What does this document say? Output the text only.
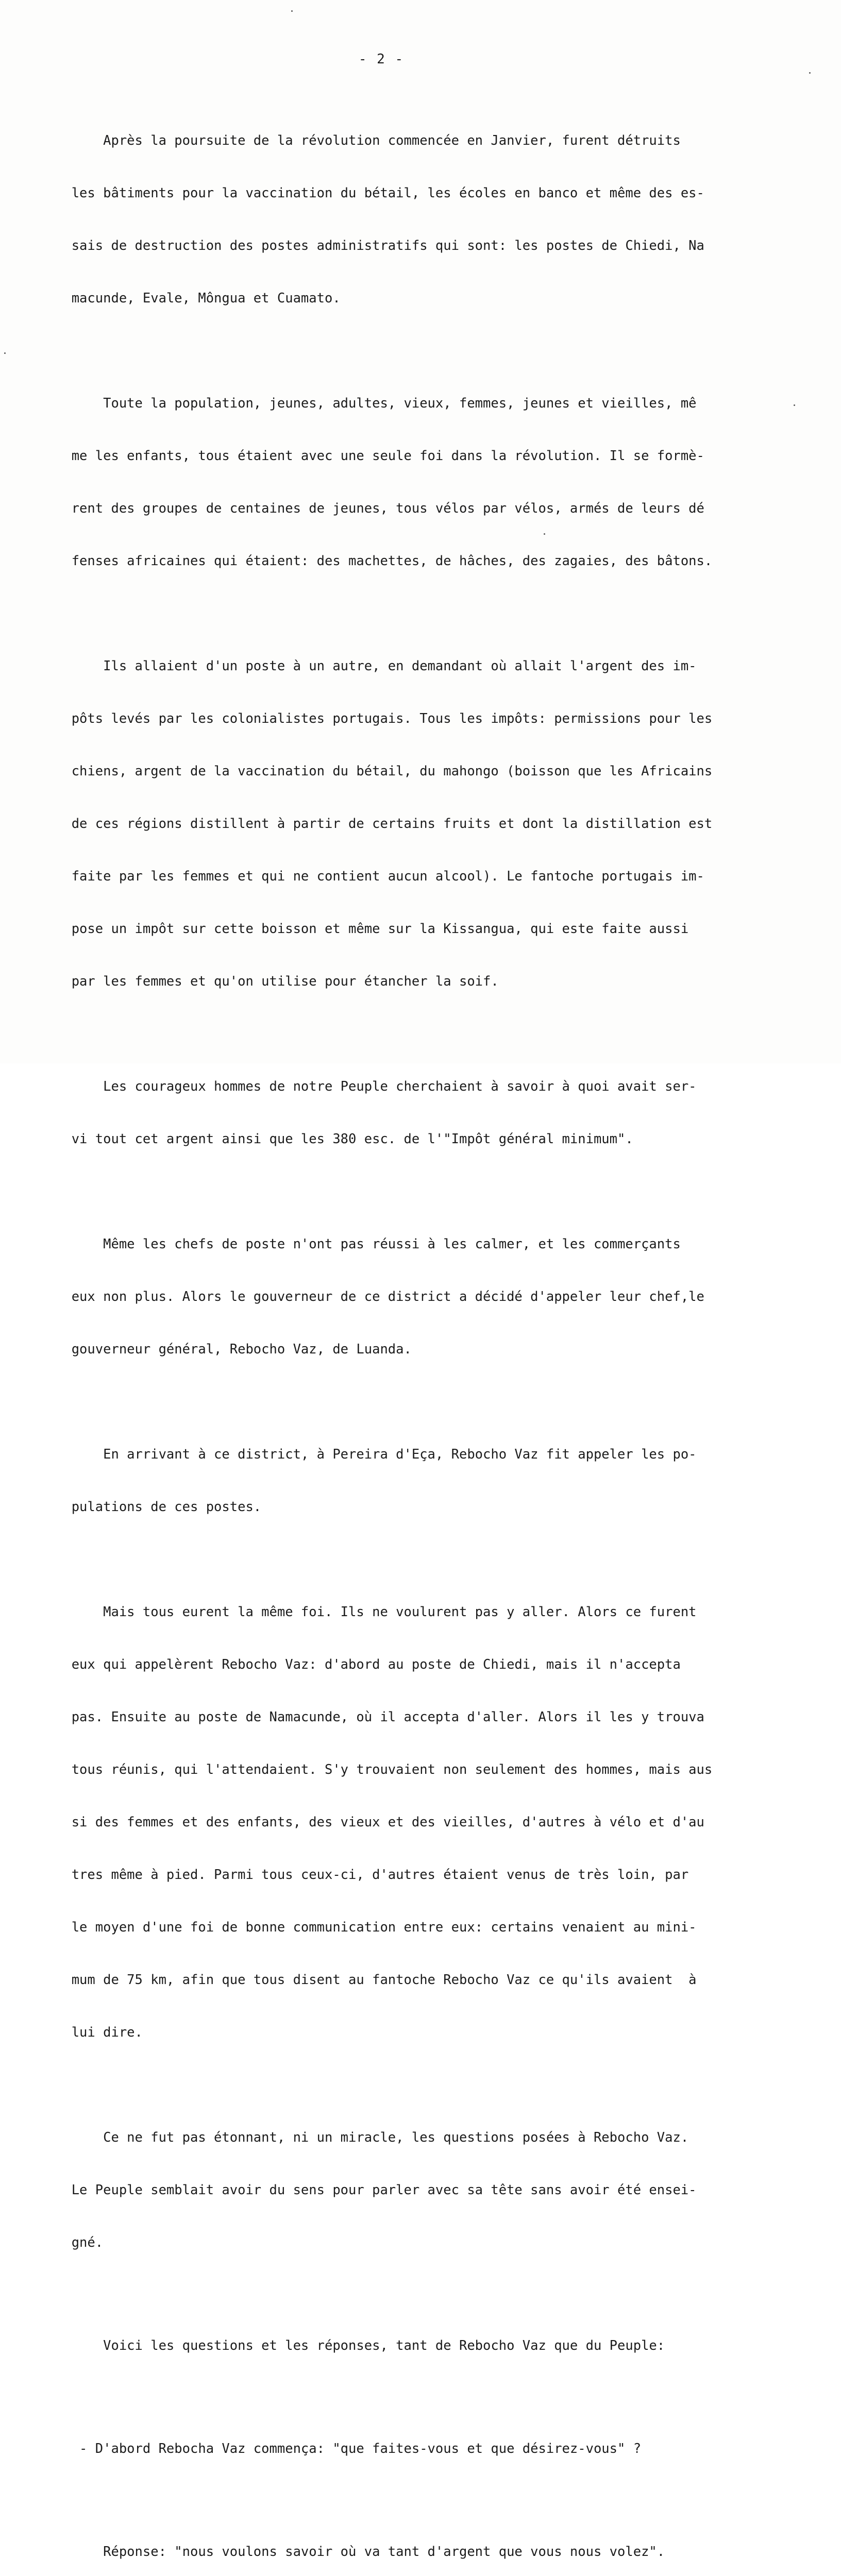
- 2 -

Après la poursuite de la révolution commencée en Janvier, furent détruits

les bâtiments pour la vaccination du bétail, les écoles en banco et même des es-

sais de destruction des postes administratifs qui sont: les postes de Chiedi, Na

macunde, Evale, Môngua et Cuamato.

Toute la population, jeunes, adultes, vieux, femmes, jeunes et vieilles, mê

me les enfants, tous étaient avec une seule foi dans la révolution. Il se formè-

rent des groupes de centaines de jeunes, tous vélos par vélos, armés de leurs dé

fenses africaines qui étaient: des machettes, de hâches, des zagaies, des bâtons.

Ils allaient d'un poste à un autre, en demandant où allait l'argent des im-

pôts levés par les colonialistes portugais. Tous les impôts: permissions pour les

chiens, argent de la vaccination du bétail, du mahongo (boisson que les Africains

de ces régions distillent à partir de certains fruits et dont la distillation est

faite par les femmes et qui ne contient aucun alcool). Le fantoche portugais im-

pose un impôt sur cette boisson et même sur la Kissangua, qui este faite aussi

par les femmes et qu'on utilise pour étancher la soif.

Les courageux hommes de notre Peuple cherchaient à savoir à quoi avait ser-

vi tout cet argent ainsi que les 380 esc. de l'"Impôt général minimum".

Même les chefs de poste n'ont pas réussi à les calmer, et les commerçants

eux non plus. Alors le gouverneur de ce district a décidé d'appeler leur chef,le

gouverneur général, Rebocho Vaz, de Luanda.

En arrivant à ce district, à Pereira d'Eça, Rebocho Vaz fit appeler les po-

pulations de ces postes.

Mais tous eurent la même foi. Ils ne voulurent pas y aller. Alors ce furent

eux qui appelèrent Rebocho Vaz: d'abord au poste de Chiedi, mais il n'accepta

pas. Ensuite au poste de Namacunde, où il accepta d'aller. Alors il les y trouva

tous réunis, qui l'attendaient. S'y trouvaient non seulement des hommes, mais aus

si des femmes et des enfants, des vieux et des vieilles, d'autres à vélo et d'au

tres même à pied. Parmi tous ceux-ci, d'autres étaient venus de très loin, par

le moyen d'une foi de bonne communication entre eux: certains venaient au mini-

mum de 75 km, afin que tous disent au fantoche Rebocho Vaz ce qu'ils avaient  à

lui dire.

Ce ne fut pas étonnant, ni un miracle, les questions posées à Rebocho Vaz.

Le Peuple semblait avoir du sens pour parler avec sa tête sans avoir été ensei-

gné.

Voici les questions et les réponses, tant de Rebocho Vaz que du Peuple:

- D'abord Rebocha Vaz commença: "que faites-vous et que désirez-vous" ?

Réponse: "nous voulons savoir où va tant d'argent que vous nous volez".
